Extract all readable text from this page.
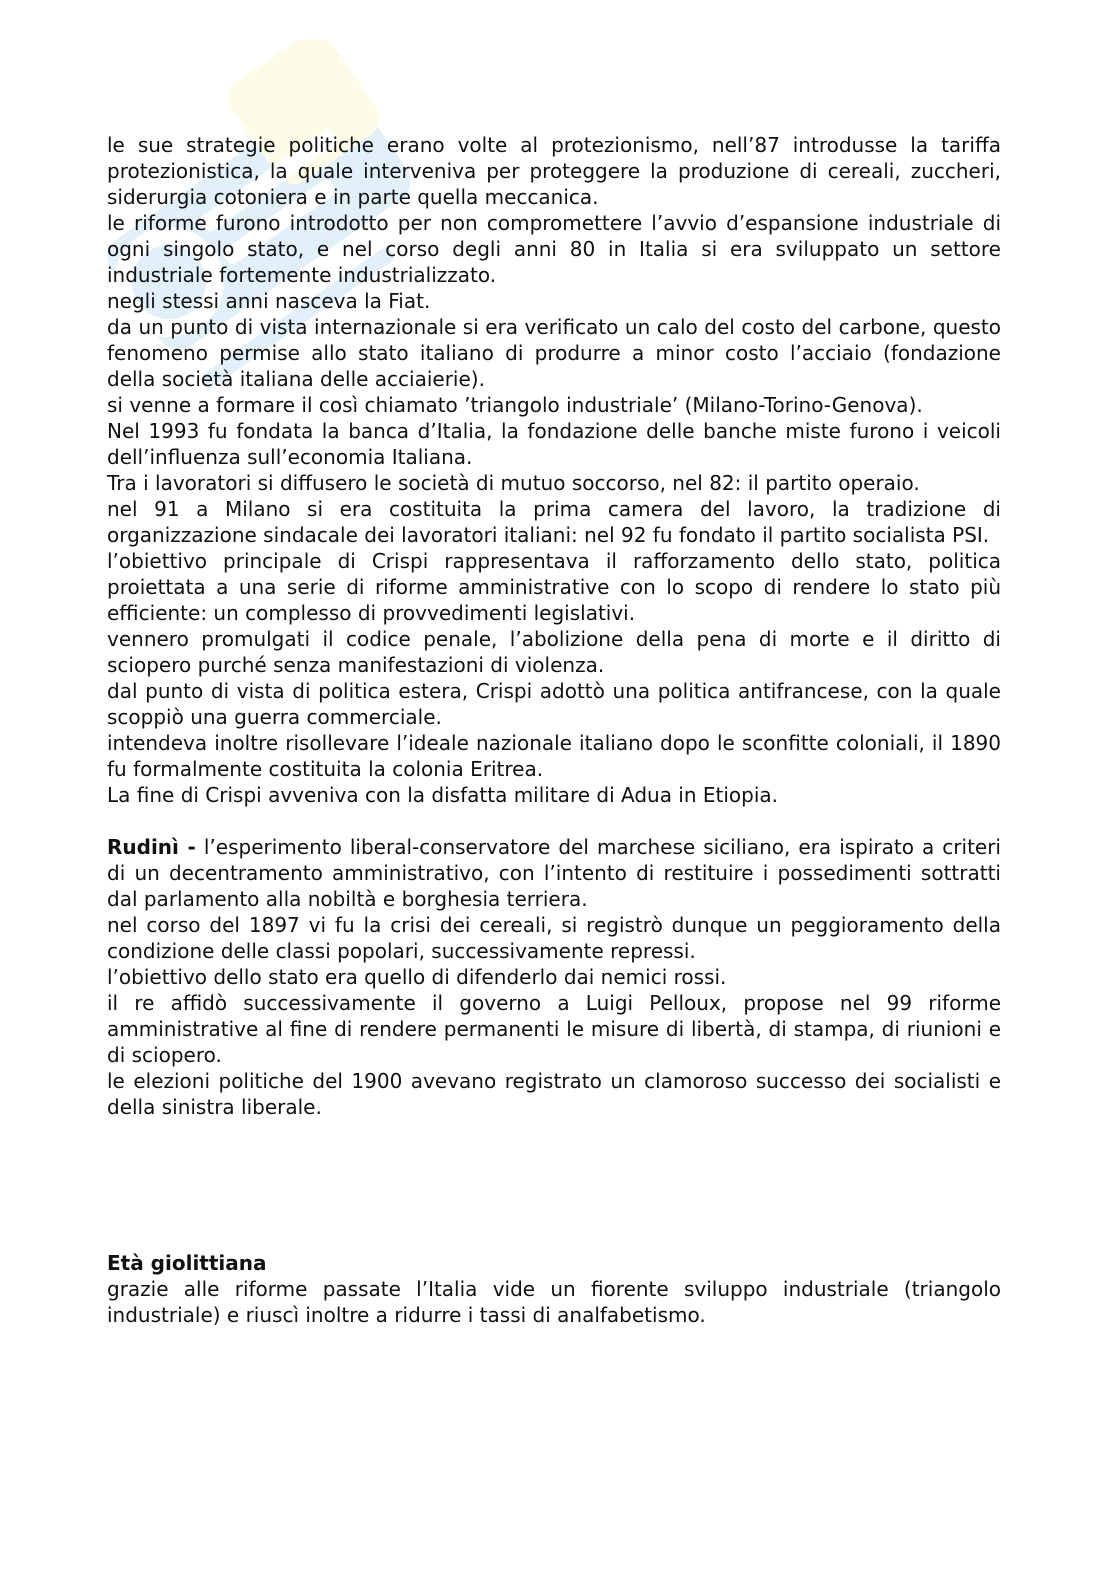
le sue strategie politiche erano volte al protezionismo, nell’87 introdusse la tariffa protezionistica, la quale interveniva per proteggere la produzione di cereali, zuccheri, siderurgia cotoniera e in parte quella meccanica.

le riforme furono introdotto per non compromettere l’avvio d’espansione industriale di ogni singolo stato, e nel corso degli anni 80 in Italia si era sviluppato un settore industriale fortemente industrializzato.

negli stessi anni nasceva la Fiat.

da un punto di vista internazionale si era verificato un calo del costo del carbone, questo fenomeno permise allo stato italiano di produrre a minor costo l’acciaio (fondazione della società italiana delle acciaierie).

si venne a formare il così chiamato ’triangolo industriale’ (Milano-Torino-Genova).

Nel 1993 fu fondata la banca d’Italia, la fondazione delle banche miste furono i veicoli dell’influenza sull’economia Italiana.

Tra i lavoratori si diffusero le società di mutuo soccorso, nel 82: il partito operaio.

nel 91 a Milano si era costituita la prima camera del lavoro, la tradizione di organizzazione sindacale dei lavoratori italiani: nel 92 fu fondato il partito socialista PSI.

l’obiettivo principale di Crispi rappresentava il rafforzamento dello stato, politica proiettata a una serie di riforme amministrative con lo scopo di rendere lo stato più efficiente: un complesso di provvedimenti legislativi.

vennero promulgati il codice penale, l’abolizione della pena di morte e il diritto di sciopero purché senza manifestazioni di violenza.

dal punto di vista di politica estera, Crispi adottò una politica antifrancese, con la quale scoppiò una guerra commerciale.

intendeva inoltre risollevare l’ideale nazionale italiano dopo le sconfitte coloniali, il 1890 fu formalmente costituita la colonia Eritrea.

La fine di Crispi avveniva con la disfatta militare di Adua in Etiopia.

Rudinì - l’esperimento liberal-conservatore del marchese siciliano, era ispirato a criteri di un decentramento amministrativo, con l’intento di restituire i possedimenti sottratti dal parlamento alla nobiltà e borghesia terriera.

nel corso del 1897 vi fu la crisi dei cereali, si registrò dunque un peggioramento della condizione delle classi popolari, successivamente repressi.

l’obiettivo dello stato era quello di difenderlo dai nemici rossi.

il re affidò successivamente il governo a Luigi Pelloux, propose nel 99 riforme amministrative al fine di rendere permanenti le misure di libertà, di stampa, di riunioni e di sciopero.

le elezioni politiche del 1900 avevano registrato un clamoroso successo dei socialisti e della sinistra liberale.

Età giolittiana

grazie alle riforme passate l’Italia vide un fiorente sviluppo industriale (triangolo industriale) e riuscì inoltre a ridurre i tassi di analfabetismo.
